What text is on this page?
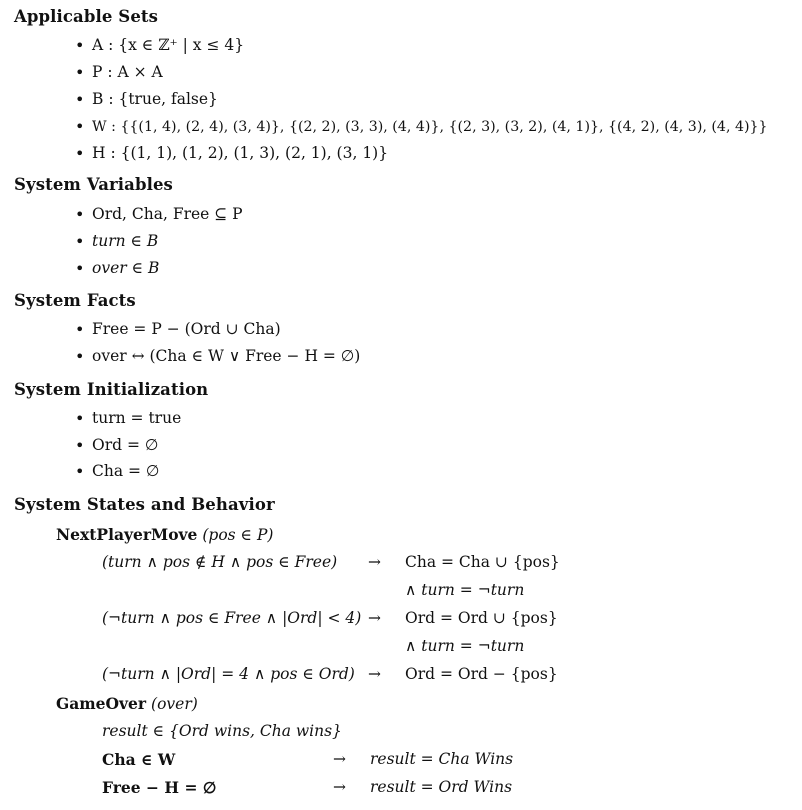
Applicable Sets
• A : {x ∈ ℤ⁺ | x ≤ 4}
• P : A × A
• B : {true, false}
• W : {{(1, 4), (2, 4), (3, 4)}, {(2, 2), (3, 3), (4, 4)}, {(2, 3), (3, 2), (4, 1)}, {(4, 2), (4, 3), (4, 4)}}
• H : {(1, 1), (1, 2), (1, 3), (2, 1), (3, 1)}
System Variables
• Ord, Cha, Free ⊆ P
• turn ∈ B
• over ∈ B
System Facts
• Free = P − (Ord ∪ Cha)
• over ↔ (Cha ∈ W ∨ Free − H = ∅)
System Initialization
• turn = true
• Ord = ∅
• Cha = ∅
System States and Behavior
NextPlayerMove (pos ∈ P)
(turn ∧ pos ∉ H ∧ pos ∈ Free) → Cha = Cha ∪ {pos}
∧ turn = ¬turn
(¬turn ∧ pos ∈ Free ∧ |Ord| < 4) → Ord = Ord ∪ {pos}
∧ turn = ¬turn
(¬turn ∧ |Ord| = 4 ∧ pos ∈ Ord) → Ord = Ord − {pos}
GameOver (over)
result ∈ {Ord wins, Cha wins}
Cha ∈ W	→ result = Cha Wins
Free − H = ∅	→ result = Ord Wins
